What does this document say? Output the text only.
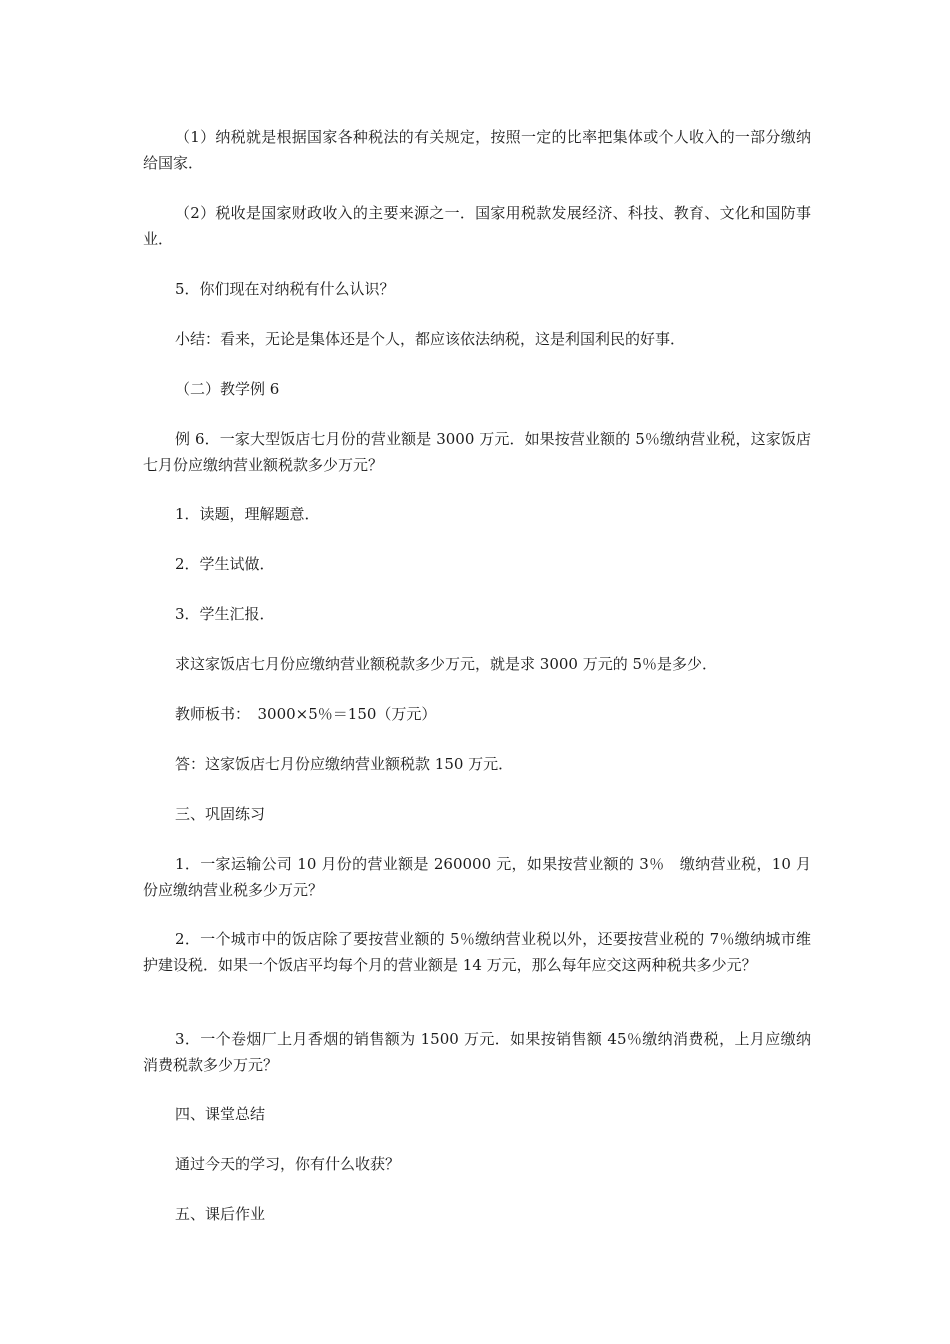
（1）纳税就是根据国家各种税法的有关规定，按照一定的比率把集体或个人收入的一部分缴纳给国家．

（2）税收是国家财政收入的主要来源之一．国家用税款发展经济、科技、教育、文化和国防事业．

5．你们现在对纳税有什么认识？

小结：看来，无论是集体还是个人，都应该依法纳税，这是利国利民的好事．

（二）教学例 6

例 6．一家大型饭店七月份的营业额是 3000 万元．如果按营业额的 5％缴纳营业税，这家饭店七月份应缴纳营业额税款多少万元？

1．读题，理解题意．

2．学生试做．

3．学生汇报．

求这家饭店七月份应缴纳营业额税款多少万元，就是求 3000 万元的 5％是多少．

教师板书：　3000×5％＝150（万元）

答：这家饭店七月份应缴纳营业额税款 150 万元．

三、巩固练习

1．一家运输公司 10 月份的营业额是 260000 元，如果按营业额的 3％　缴纳营业税，10 月份应缴纳营业税多少万元？

2．一个城市中的饭店除了要按营业额的 5％缴纳营业税以外，还要按营业税的 7％缴纳城市维护建设税．如果一个饭店平均每个月的营业额是 14 万元，那么每年应交这两种税共多少元？

3．一个卷烟厂上月香烟的销售额为 1500 万元．如果按销售额 45％缴纳消费税，上月应缴纳消费税款多少万元？

四、课堂总结

通过今天的学习，你有什么收获？

五、课后作业
